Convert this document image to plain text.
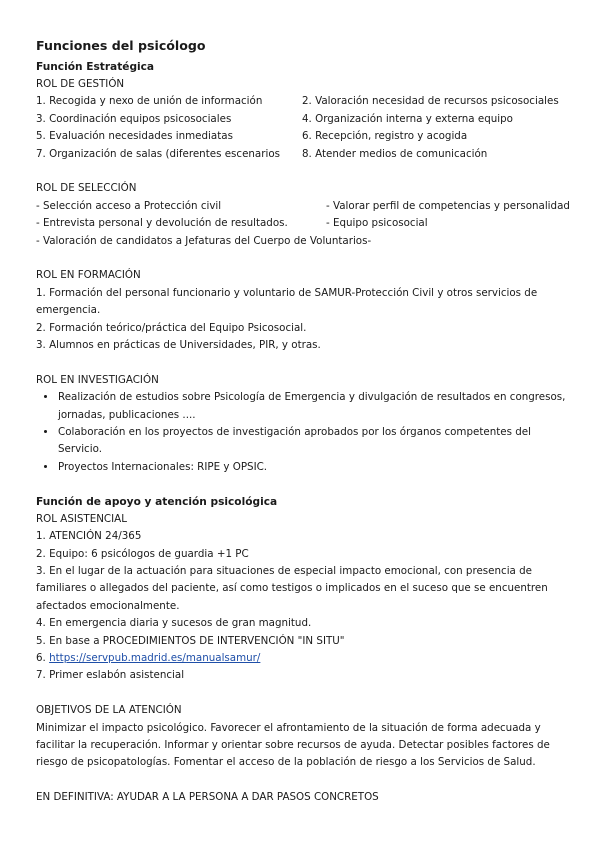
Funciones del psicólogo

Función Estratégica

ROL DE GESTIÓN

1. Recogida y nexo de unión de información	2. Valoración necesidad de recursos psicosociales
3. Coordinación equipos psicosociales	4. Organización interna y externa equipo
5. Evaluación necesidades inmediatas	6. Recepción, registro y acogida
7. Organización de salas (diferentes escenarios	8. Atender medios de comunicación

ROL DE SELECCIÓN

- Selección acceso a Protección civil	- Valorar perfil de competencias y personalidad
- Entrevista personal y devolución de resultados.	- Equipo psicosocial

- Valoración de candidatos a Jefaturas del Cuerpo de Voluntarios-

ROL EN FORMACIÓN

1. Formación del personal funcionario y voluntario de SAMUR-Protección Civil y otros servicios de emergencia.

2. Formación teórico/práctica del Equipo Psicosocial.

3. Alumnos en prácticas de Universidades, PIR, y otras.

ROL EN INVESTIGACIÓN

• Realización de estudios sobre Psicología de Emergencia y divulgación de resultados en congresos, jornadas, publicaciones ....
• Colaboración en los proyectos de investigación aprobados por los órganos competentes del Servicio.
• Proyectos Internacionales: RIPE y OPSIC.

Función de apoyo y atención psicológica

ROL ASISTENCIAL

1. ATENCIÓN 24/365

2. Equipo: 6 psicólogos de guardia +1 PC

3. En el lugar de la actuación para situaciones de especial impacto emocional, con presencia de familiares o allegados del paciente, así como testigos o implicados en el suceso que se encuentren afectados emocionalmente.

4. En emergencia diaria y sucesos de gran magnitud.

5. En base a PROCEDIMIENTOS DE INTERVENCIÓN "IN SITU"

6. https://servpub.madrid.es/manualsamur/

7. Primer eslabón asistencial

OBJETIVOS DE LA ATENCIÓN

Minimizar el impacto psicológico. Favorecer el afrontamiento de la situación de forma adecuada y facilitar la recuperación. Informar y orientar sobre recursos de ayuda. Detectar posibles factores de riesgo de psicopatologías. Fomentar el acceso de la población de riesgo a los Servicios de Salud.

EN DEFINITIVA: AYUDAR A LA PERSONA A DAR PASOS CONCRETOS
